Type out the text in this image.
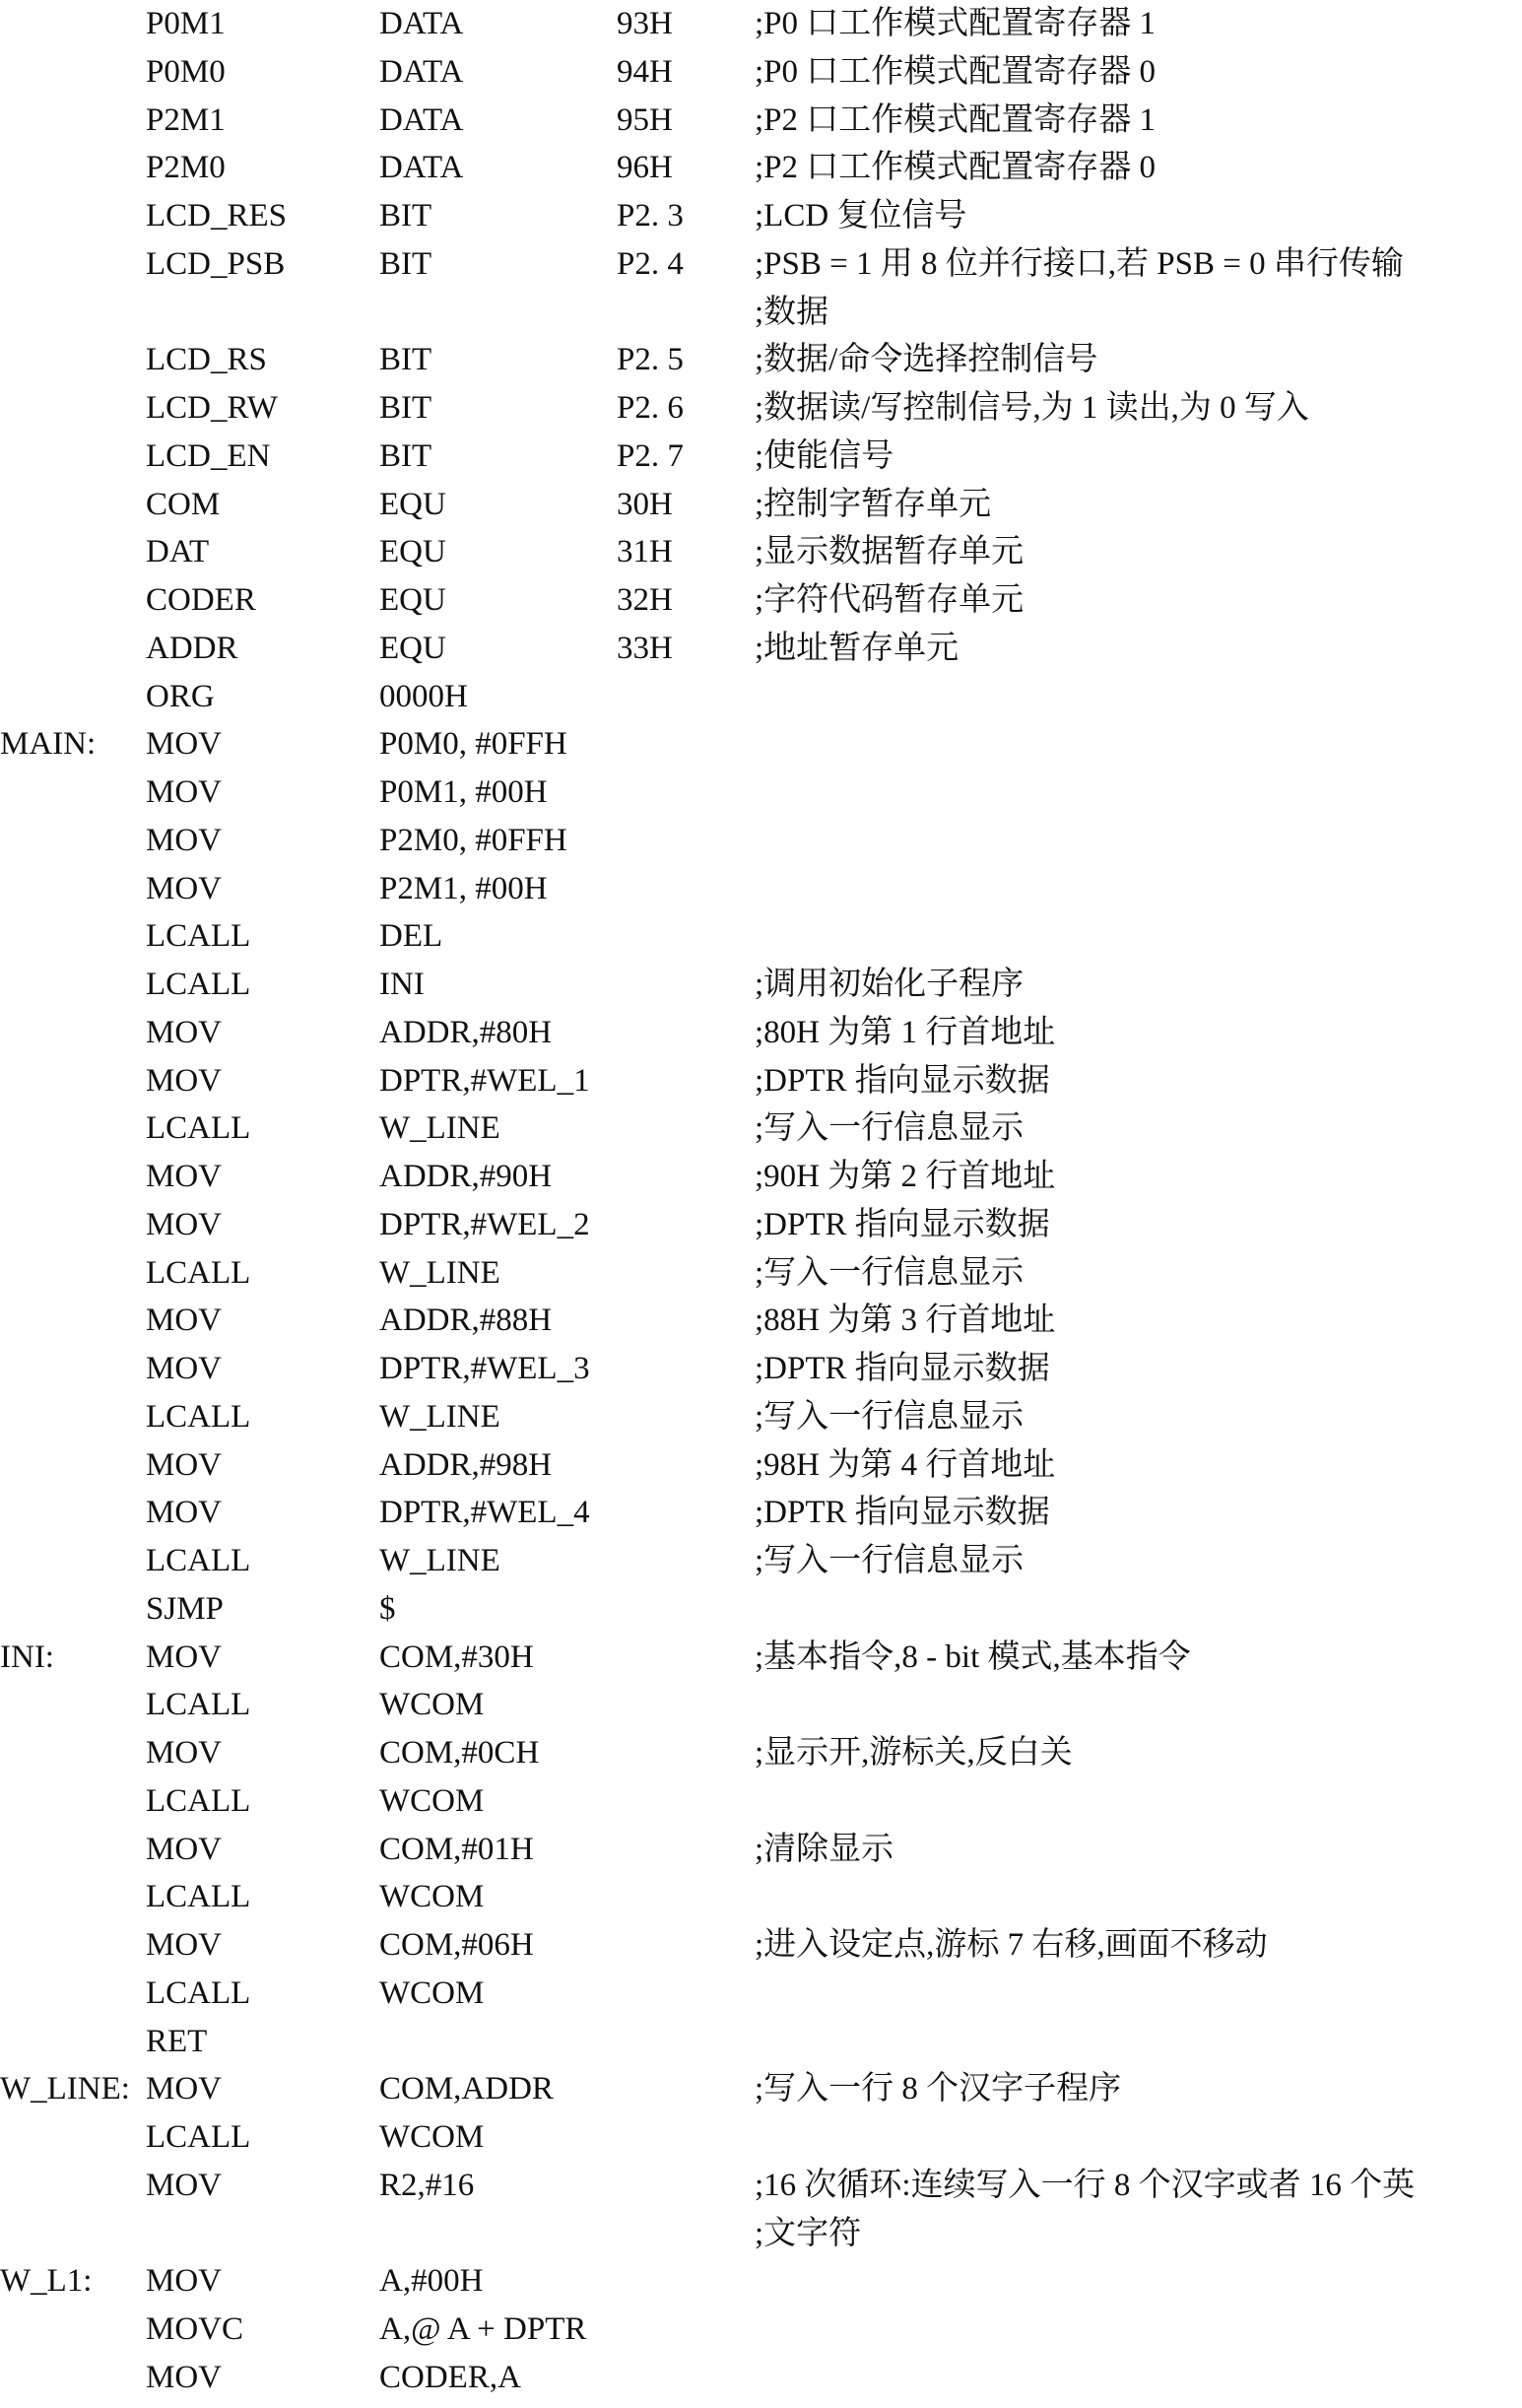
P0M1	DATA	93H	;P0 口工作模式配置寄存器 1
P0M0	DATA	94H	;P0 口工作模式配置寄存器 0
P2M1	DATA	95H	;P2 口工作模式配置寄存器 1
P2M0	DATA	96H	;P2 口工作模式配置寄存器 0
LCD_RES	BIT	P2. 3 ;LCD 复位信号
LCD_PSB	BIT	P2. 4 ;PSB = 1 用 8 位并行接口,若 PSB = 0 串行传输
;数据
LCD_RS	BIT	P2. 5 ;数据/命令选择控制信号
LCD_RW	BIT	P2. 6 ;数据读/写控制信号,为 1 读出,为 0 写入
LCD_EN	BIT	P2. 7 ;使能信号
COM	EQU	30H	;控制字暂存单元
DAT	EQU	31H	;显示数据暂存单元
CODER	EQU	32H	;字符代码暂存单元
ADDR	EQU	33H	;地址暂存单元
ORG	0000H
MAIN: MOV	P0M0, #0FFH
MOV	P0M1, #00H
MOV	P2M0, #0FFH
MOV	P2M1, #00H
LCALL	DEL
LCALL	INI	;调用初始化子程序
MOV	ADDR,#80H	;80H 为第 1 行首地址
MOV	DPTR,#WEL_1	;DPTR 指向显示数据
LCALL	W_LINE	;写入一行信息显示
MOV	ADDR,#90H	;90H 为第 2 行首地址
MOV	DPTR,#WEL_2	;DPTR 指向显示数据
LCALL	W_LINE	;写入一行信息显示
MOV	ADDR,#88H	;88H 为第 3 行首地址
MOV	DPTR,#WEL_3	;DPTR 指向显示数据
LCALL	W_LINE	;写入一行信息显示
MOV	ADDR,#98H	;98H 为第 4 行首地址
MOV	DPTR,#WEL_4	;DPTR 指向显示数据
LCALL	W_LINE	;写入一行信息显示
SJMP	$
INI:	MOV	COM,#30H	;基本指令,8 - bit 模式,基本指令
LCALL	WCOM
MOV	COM,#0CH	;显示开,游标关,反白关
LCALL	WCOM
MOV	COM,#01H	;清除显示
LCALL	WCOM
MOV	COM,#06H	;进入设定点,游标 7 右移,画面不移动
LCALL	WCOM
RET
W_LINE: MOV	COM,ADDR	;写入一行 8 个汉字子程序
LCALL	WCOM
MOV	R2,#16	;16 次循环:连续写入一行 8 个汉字或者 16 个英
;文字符
W_L1: MOV	A,#00H
MOVC	A,@ A + DPTR
MOV	CODER,A
